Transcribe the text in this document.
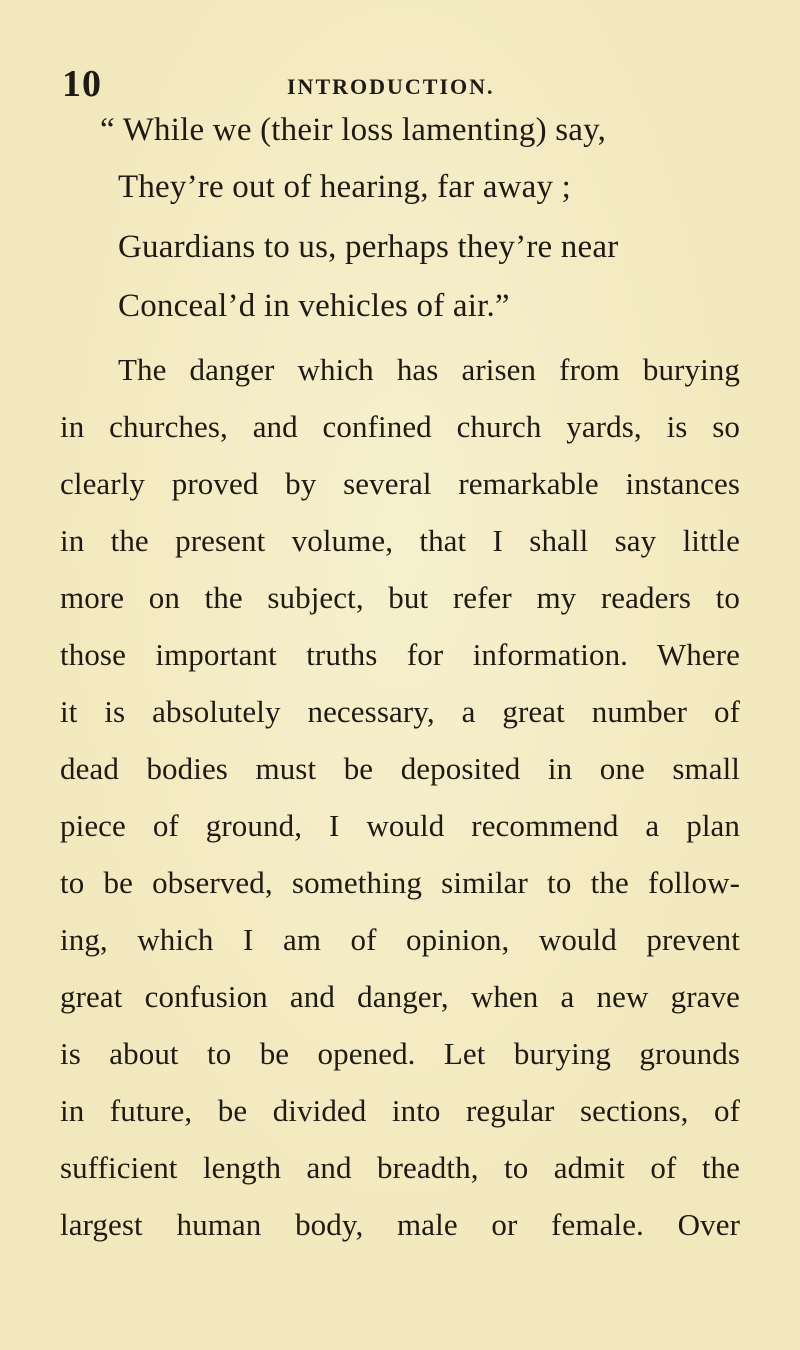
10	INTRODUCTION.
“ While we (their loss lamenting) say,
They’re out of hearing, far away ;
Guardians to us, perhaps they’re near
Conceal’d in vehicles of air.”
The danger which has arisen from burying
in churches, and confined church yards, is so
clearly proved by several remarkable instances
in the present volume, that I shall say little
more on the subject, but refer my readers to
those important truths for information. Where
it is absolutely necessary, a great number of
dead bodies must be deposited in one small
piece of ground, I would recommend a plan
to be observed, something similar to the follow-
ing, which I am of opinion, would prevent
great confusion and danger, when a new grave
is about to be opened. Let burying grounds
in future, be divided into regular sections, of
sufficient length and breadth, to admit of the
largest human body, male or female. Over
